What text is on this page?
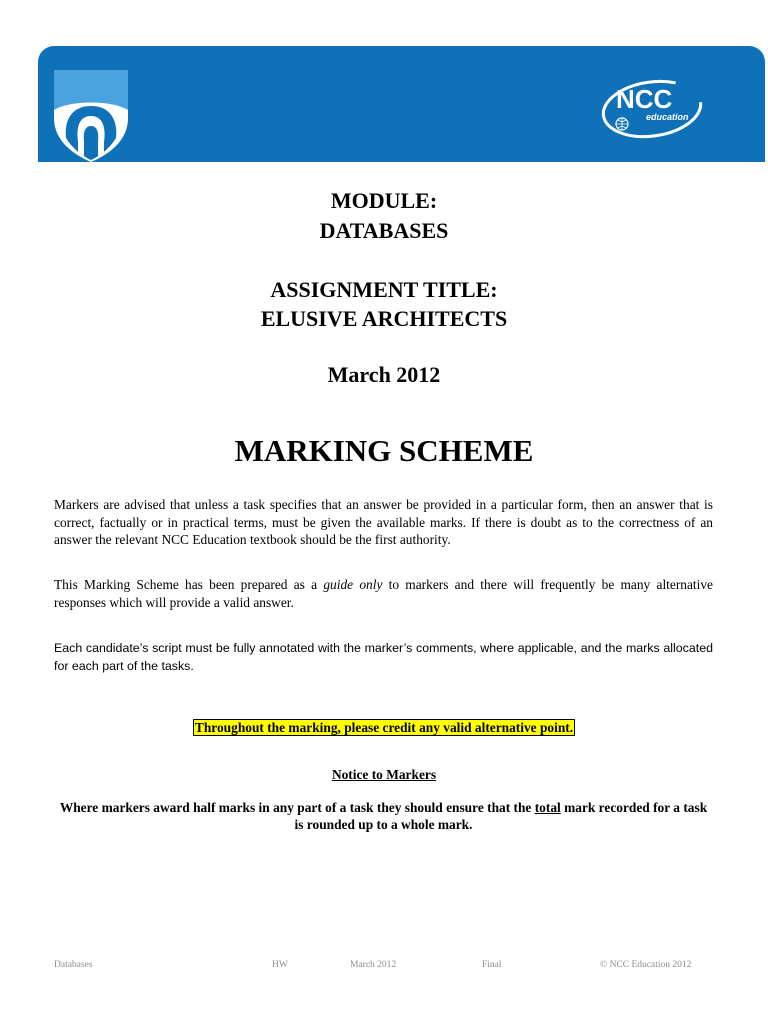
NCC
education
MODULE:
DATABASES
ASSIGNMENT TITLE:
ELUSIVE ARCHITECTS
March 2012
MARKING SCHEME
Markers are advised that unless a task specifies that an answer be provided in a particular form, then an answer that is correct, factually or in practical terms, must be given the available marks. If there is doubt as to the correctness of an answer the relevant NCC Education textbook should be the first authority.
This Marking Scheme has been prepared as a guide only to markers and there will frequently be many alternative responses which will provide a valid answer.
Each candidate’s script must be fully annotated with the marker’s comments, where applicable, and the marks allocated for each part of the tasks.
Throughout the marking, please credit any valid alternative point.
Notice to Markers
Where markers award half marks in any part of a task they should ensure that the total mark recorded for a task is rounded up to a whole mark.
Databases	HW	March 2012	Final	© NCC Education 2012
